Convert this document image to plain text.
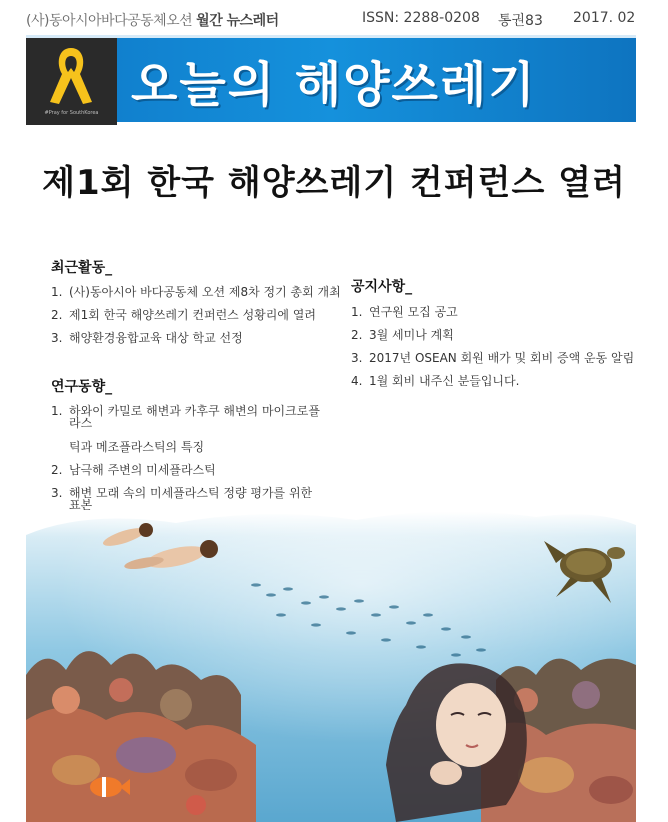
(사)동아시아바다공동체오션 월간 뉴스레터	ISSN: 2288-0208 통권83 2017. 02
#Pray for SouthKorea 오늘의 해양쓰레기
제1회 한국 해양쓰레기 컨퍼런스 열려
최근활동_
1. (사)동아시아 바다공동체 오션 제8차 정기 총회 개최
2. 제1회 한국 해양쓰레기 컨퍼런스 성황리에 열려
3. 해양환경융합교육 대상 학교 선정
연구동향_
1. 하와이 카밀로 해변과 카후쿠 해변의 마이크로플라스
틱과 메조플라스틱의 특징
2. 남극해 주변의 미세플라스틱
3. 해변 모래 속의 미세플라스틱 정량 평가를 위한

공지사항_
1. 연구원 모집 공고
2. 3월 세미나 계획
3. 2017년 OSEAN 회원 배가 및 회비 증액 운동 알림
4. 1월 회비 내주신 분들입니다.
